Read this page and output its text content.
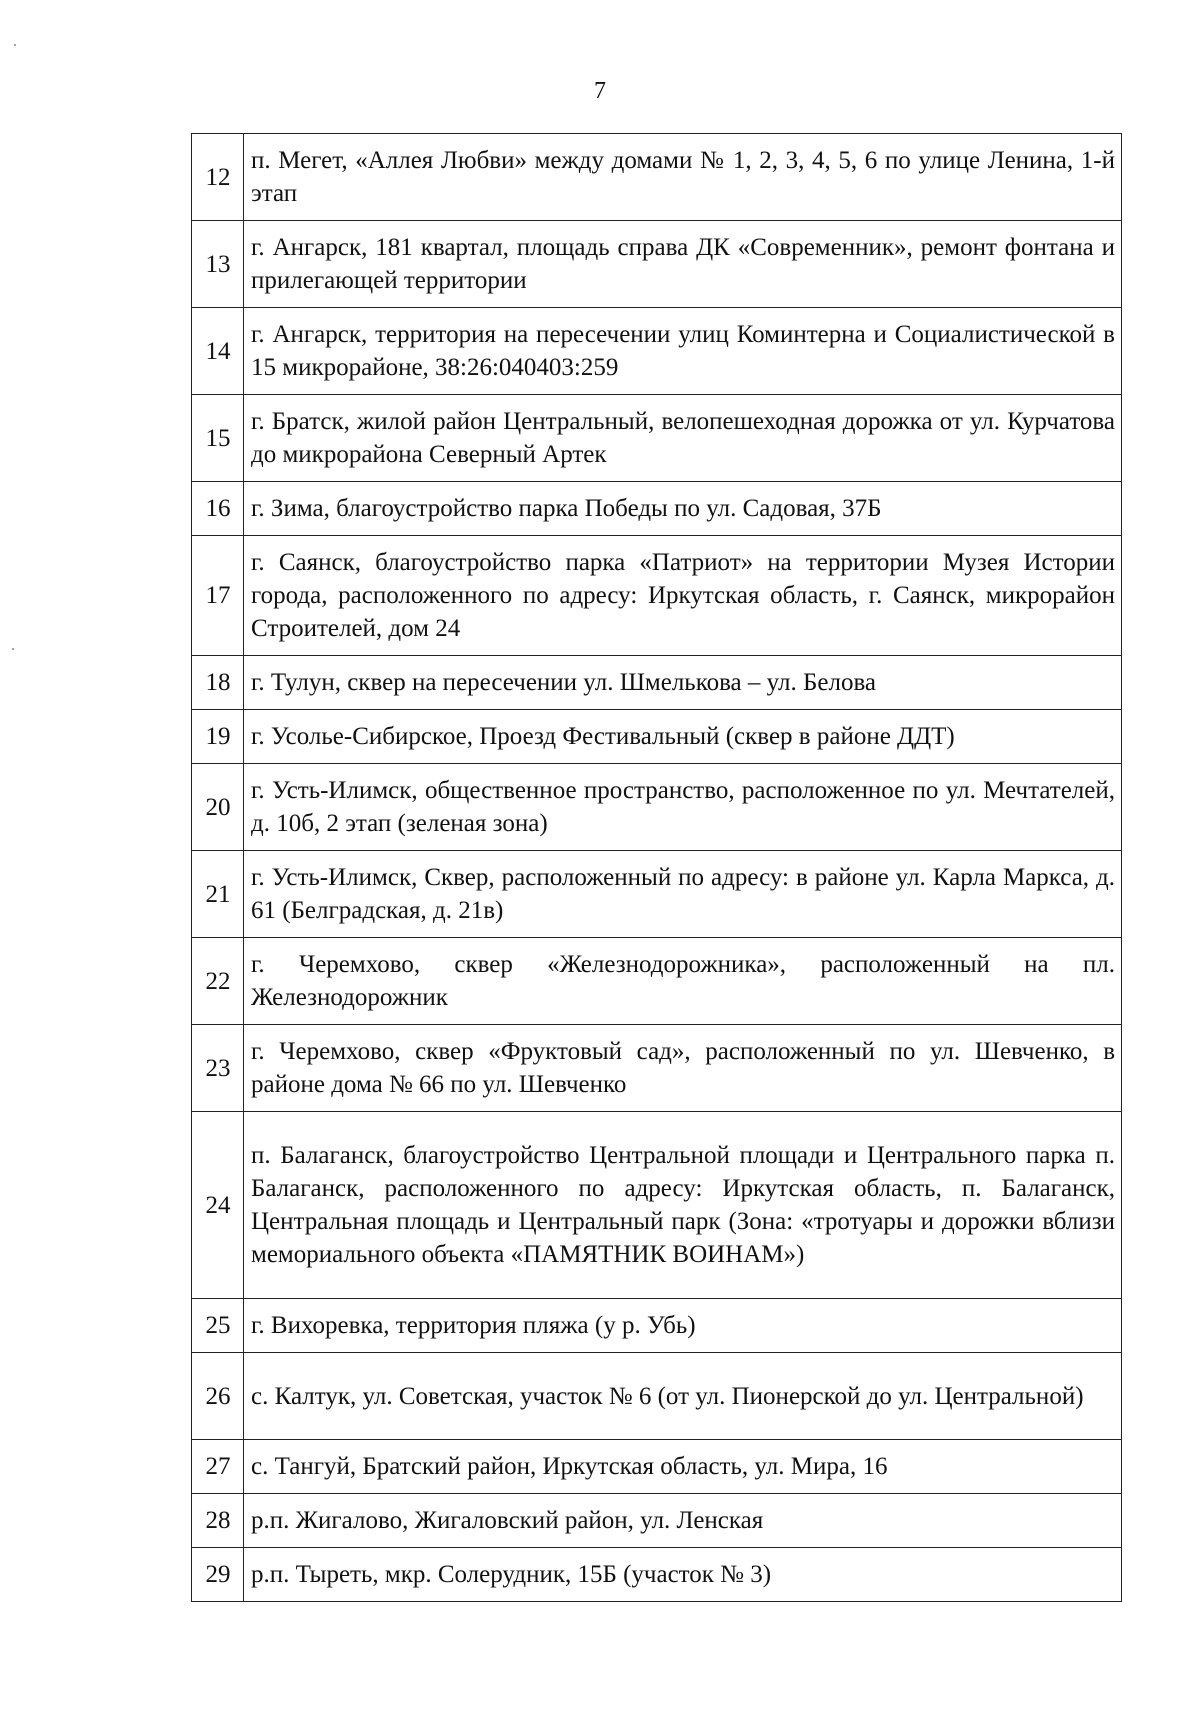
7
12	п. Мегет, «Аллея Любви» между домами № 1, 2, 3, 4, 5, 6 по улице Ленина, 1-й этап
13	г. Ангарск, 181 квартал, площадь справа ДК «Современник», ремонт фонтана и прилегающей территории
14	г. Ангарск, территория на пересечении улиц Коминтерна и Социалистической в 15 микрорайоне, 38:26:040403:259
15	г. Братск, жилой район Центральный, велопешеходная дорожка от ул. Курчатова до микрорайона Северный Артек
16	г. Зима, благоустройство парка Победы по ул. Садовая, 37Б
17	г. Саянск, благоустройство парка «Патриот» на территории Музея Истории города, расположенного по адресу: Иркутская область, г. Саянск, микрорайон Строителей, дом 24
18	г. Тулун, сквер на пересечении ул. Шмелькова – ул. Белова
19	г. Усолье-Сибирское, Проезд Фестивальный (сквер в районе ДДТ)
20	г. Усть-Илимск, общественное пространство, расположенное по ул. Мечтателей, д. 10б, 2 этап (зеленая зона)
21	г. Усть-Илимск, Сквер, расположенный по адресу: в районе ул. Карла Маркса, д. 61 (Белградская, д. 21в)
22	г. Черемхово, сквер «Железнодорожника», расположенный на пл. Железнодорожник
23	г. Черемхово, сквер «Фруктовый сад», расположенный по ул. Шевченко, в районе дома № 66 по ул. Шевченко
24	п. Балаганск, благоустройство Центральной площади и Центрального парка п. Балаганск, расположенного по адресу: Иркутская область, п. Балаганск, Центральная площадь и Центральный парк (Зона: «тротуары и дорожки вблизи мемориального объекта «ПАМЯТНИК ВОИНАМ»)
25	г. Вихоревка, территория пляжа (у р. Убь)
26	с. Калтук, ул. Советская, участок № 6 (от ул. Пионерской до ул. Центральной)
27	с. Тангуй, Братский район, Иркутская область, ул. Мира, 16
28	р.п. Жигалово, Жигаловский район, ул. Ленская
29	р.п. Тыреть, мкр. Солерудник, 15Б (участок № 3)
